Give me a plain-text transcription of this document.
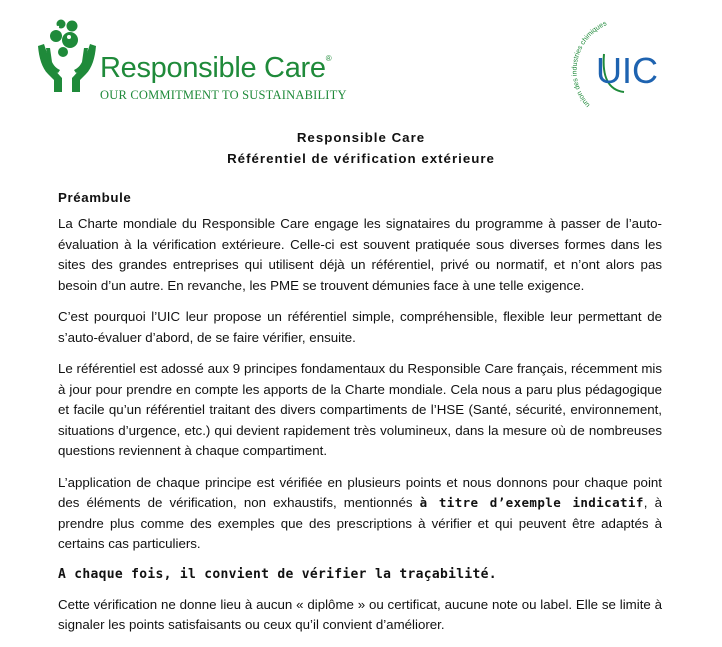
Responsible Care®
OUR COMMITMENT TO SUSTAINABILITY
union des industries chimiques
UIC
Responsible Care
Référentiel de vérification extérieure
Préambule

La Charte mondiale du Responsible Care engage les signataires du programme à passer de l’auto-évaluation à la vérification extérieure. Celle-ci est souvent pratiquée sous diverses formes dans les sites des grandes entreprises qui utilisent déjà un référentiel, privé ou normatif, et n’ont alors pas besoin d’un autre. En revanche, les PME se trouvent démunies face à une telle exigence.

C’est pourquoi l’UIC leur propose un référentiel simple, compréhensible, flexible leur permettant de s’auto-évaluer d’abord, de se faire vérifier, ensuite.

Le référentiel est adossé aux 9 principes fondamentaux du Responsible Care français, récemment mis à jour pour prendre en compte les apports de la Charte mondiale. Cela nous a paru plus pédagogique et facile qu’un référentiel traitant des divers compartiments de l’HSE (Santé, sécurité, environnement, situations d’urgence, etc.) qui devient rapidement très volumineux, dans la mesure où de nombreuses questions reviennent à chaque compartiment.

L’application de chaque principe est vérifiée en plusieurs points et nous donnons pour chaque point des éléments de vérification, non exhaustifs, mentionnés à titre d’exemple indicatif, à prendre plus comme des exemples que des prescriptions à vérifier et qui peuvent être adaptés à certains cas particuliers.

A chaque fois, il convient de vérifier la traçabilité.

Cette vérification ne donne lieu à aucun « diplôme » ou certificat, aucune note ou label. Elle se limite à signaler les points satisfaisants ou ceux qu’il convient d’améliorer.
